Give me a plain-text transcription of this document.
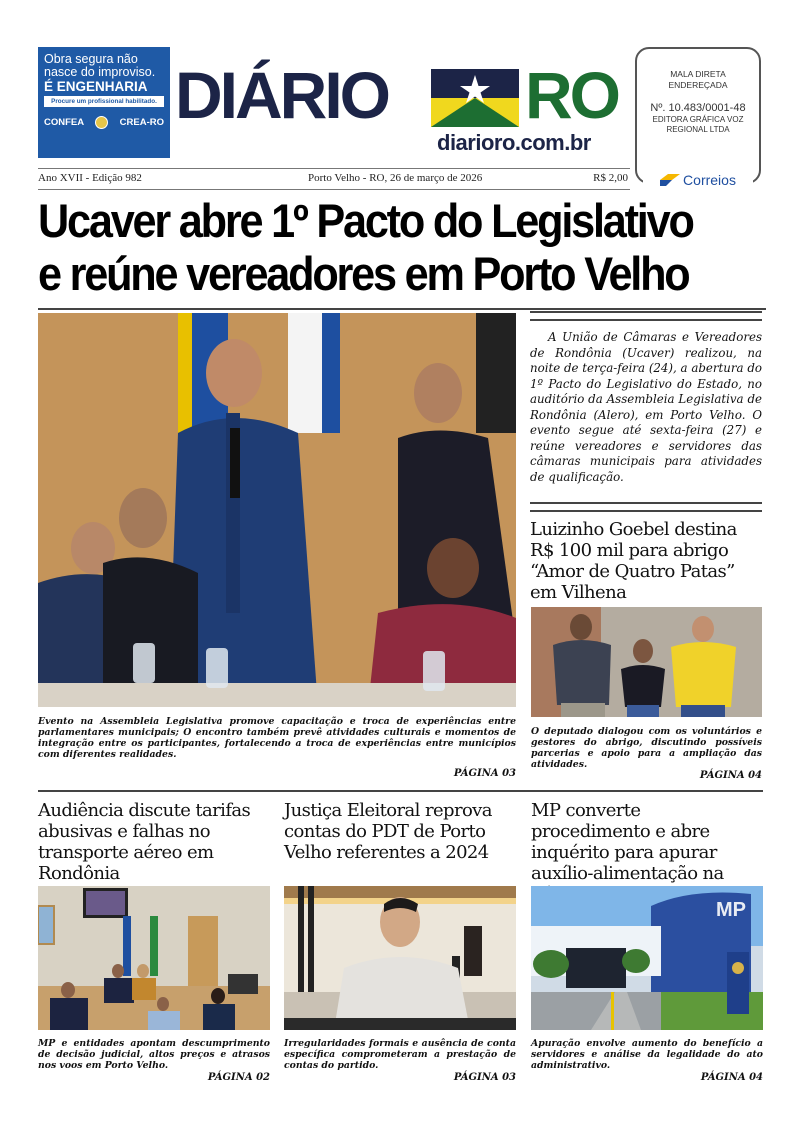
Obra segura não
nasce do improviso.
É ENGENHARIA
Procure um profissional habilitado.
CONFEA	CREA-RO DIÁRIO RO
diarioro.com.br
MALA DIRETA
ENDEREÇADA
Nº. 10.483/0001-48
EDITORA GRÁFICA VOZ
REGIONAL LTDA
Correios
Ano XVII - Edição 982	Porto Velho - RO, 26 de março de 2026	R$ 2,00
Ucaver abre 1º Pacto do Legislativo
e reúne vereadores em Porto Velho
Evento na Assembleia Legislativa promove capacitação e troca de experiências entre parlamentares municipais; O encontro também prevê atividades culturais e momentos de integração entre os participantes, fortalecendo a troca de experiências entre municípios com diferentes realidades.
PÁGINA 03
A União de Câmaras e Vereadores de Rondônia (Ucaver) realizou, na noite de terça-feira (24), a abertura do 1º Pacto do Legislativo do Estado, no auditório da Assembleia Legislativa de Rondônia (Alero), em Porto Velho. O evento segue até sexta-feira (27) e reúne vereadores e servidores das câmaras municipais para atividades de qualificação.
Luizinho Goebel destina R$ 100 mil para abrigo “Amor de Quatro Patas” em Vilhena
O deputado dialogou com os voluntários e gestores do abrigo, discutindo possíveis parcerias e apoio para a ampliação das atividades.
PÁGINA 04
Audiência discute tarifas abusivas e falhas no transporte aéreo em Rondônia
MP e entidades apontam descumprimento de decisão judicial, altos preços e atrasos nos voos em Porto Velho.
PÁGINA 02
Justiça Eleitoral reprova contas do PDT de Porto Velho referentes a 2024
Irregularidades formais e ausência de conta específica comprometeram a prestação de contas do partido.
PÁGINA 03
MP converte procedimento e abre inquérito para apurar auxílio-alimentação na
MP
Apuração envolve aumento do benefício a servidores e análise da legalidade do ato administrativo.
PÁGINA 04
